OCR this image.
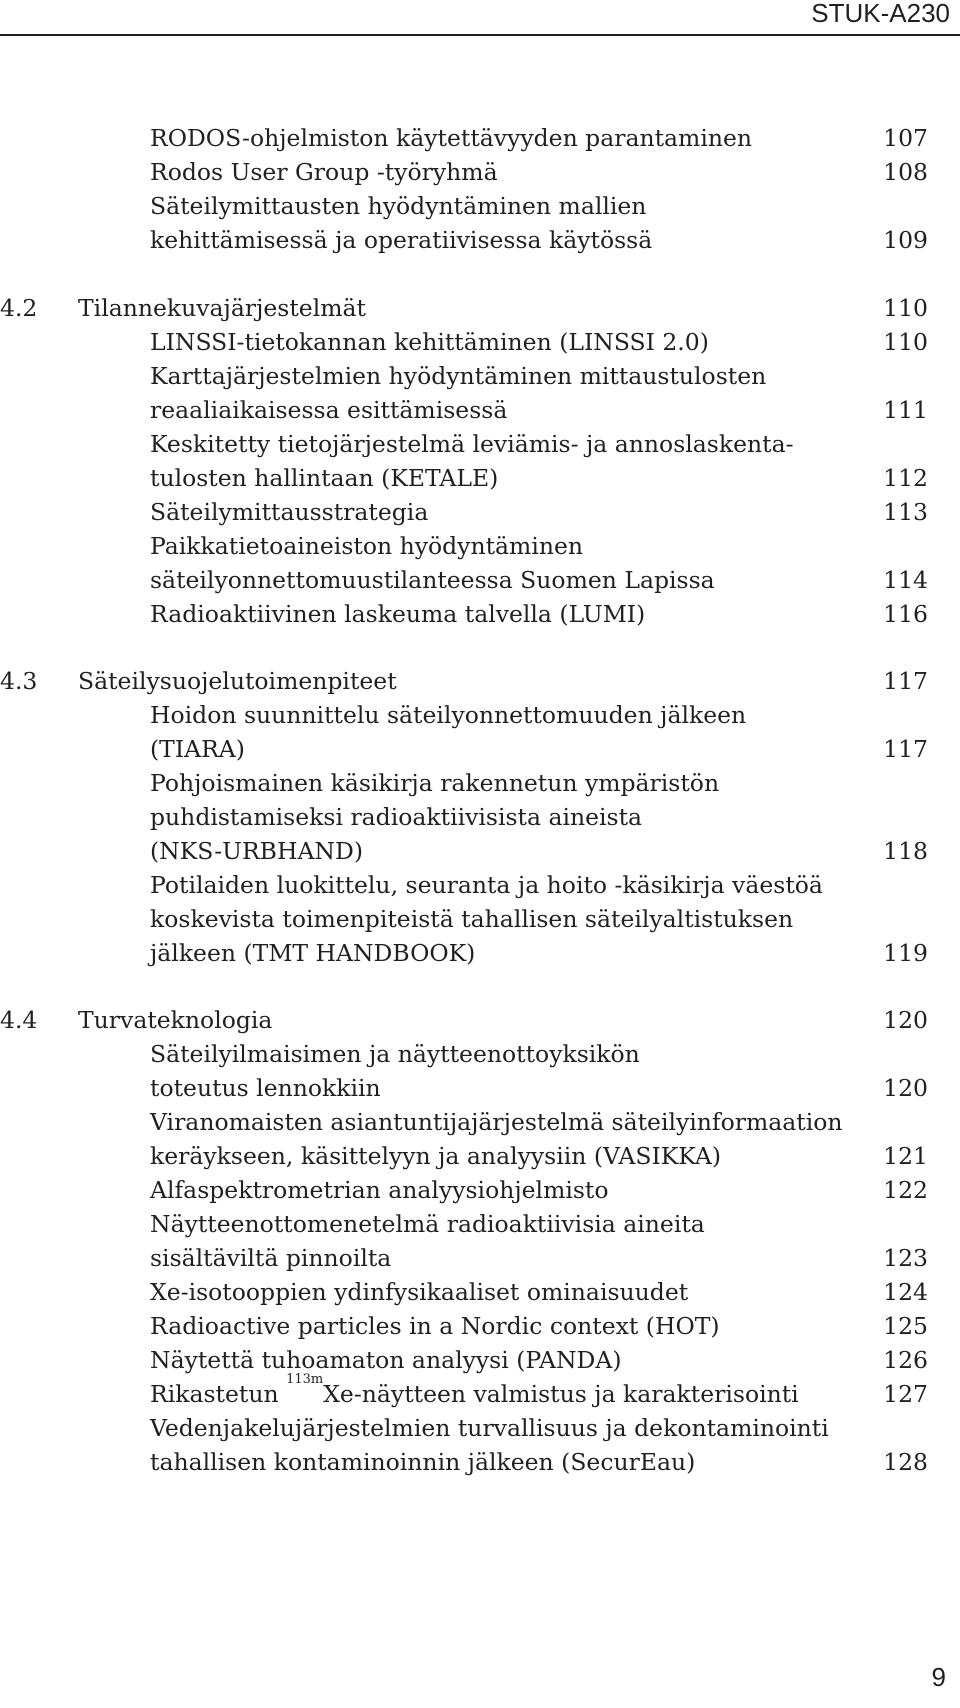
STUK-A230
RODOS-ohjelmiston käytettävyyden parantaminen	107
Rodos User Group -työryhmä	108
Säteilymittausten hyödyntäminen mallien
kehittämisessä ja operatiivisessa käytössä	109
4.2 Tilannekuvajärjestelmät	110
LINSSI-tietokannan kehittäminen (LINSSI 2.0)	110
Karttajärjestelmien hyödyntäminen mittaustulosten
reaaliaikaisessa esittämisessä	111
Keskitetty tietojärjestelmä leviämis- ja annoslaskenta-
tulosten hallintaan (KETALE)	112
Säteilymittausstrategia	113
Paikkatietoaineiston hyödyntäminen
säteilyonnettomuustilanteessa Suomen Lapissa	114
Radioaktiivinen laskeuma talvella (LUMI)	116
4.3 Säteilysuojelutoimenpiteet	117
Hoidon suunnittelu säteilyonnettomuuden jälkeen
(TIARA)	117
Pohjoismainen käsikirja rakennetun ympäristön
puhdistamiseksi radioaktiivisista aineista
(NKS-URBHAND)	118
Potilaiden luokittelu, seuranta ja hoito -käsikirja väestöä
koskevista toimenpiteistä tahallisen säteilyaltistuksen
jälkeen (TMT HANDBOOK)	119
4.4 Turvateknologia	120
Säteilyilmaisimen ja näytteenottoyksikön
toteutus lennokkiin	120
Viranomaisten asiantuntijajärjestelmä säteilyinformaation
keräykseen, käsittelyyn ja analyysiin (VASIKKA)	121
Alfaspektrometrian analyysiohjelmisto	122
Näytteenottomenetelmä radioaktiivisia aineita
sisältäviltä pinnoilta	123
Xe-isotooppien ydinfysikaaliset ominaisuudet	124
Radioactive particles in a Nordic context (HOT)	125
Näytettä tuhoamaton analyysi (PANDA)	126
Rikastetun $^{113m}$Xe-näytteen valmistus ja karakterisointi	127
Vedenjakelujärjestelmien turvallisuus ja dekontaminointi
tahallisen kontaminoinnin jälkeen (SecurEau)	128
9
